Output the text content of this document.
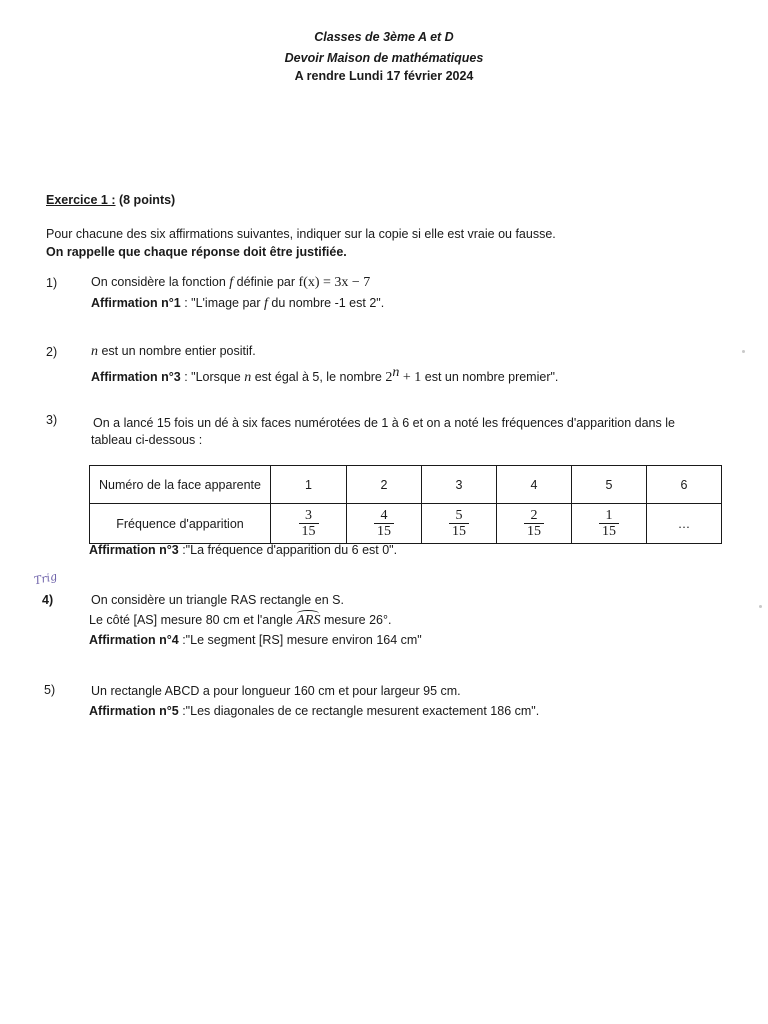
Classes de 3ème A et D
Devoir Maison de mathématiques
A rendre Lundi 17 février 2024
Exercice 1 : (8 points)
Pour chacune des six affirmations suivantes, indiquer sur la copie si elle est vraie ou fausse.
On rappelle que chaque réponse doit être justifiée.
1)	On considère la fonction f définie par f(x) = 3x − 7
Affirmation n°1 : "L'image par f du nombre -1 est 2".
2) n est un nombre entier positif.
Affirmation n°3 : "Lorsque n est égal à 5, le nombre $2^n + 1$ est un nombre premier".
3)	On a lancé 15 fois un dé à six faces numérotées de 1 à 6 et on a noté les fréquences d'apparition dans le
tableau ci-dessous :
Numéro de la face apparente	1	2	3	4	5	6
Fréquence d'apparition	$\frac{3}{15}$	$\frac{4}{15}$	$\frac{5}{15}$	$\frac{2}{15}$	$\frac{1}{15}$	…
Affirmation n°3 :"La fréquence d'apparition du 6 est 0".
Trig
4)	On considère un triangle RAS rectangle en S.
Le côté [AS] mesure 80 cm et l'angle ARS mesure 26°.
Affirmation n°4 :"Le segment [RS] mesure environ 164 cm"
5)	Un rectangle ABCD a pour longueur 160 cm et pour largeur 95 cm.
Affirmation n°5 :"Les diagonales de ce rectangle mesurent exactement 186 cm".
